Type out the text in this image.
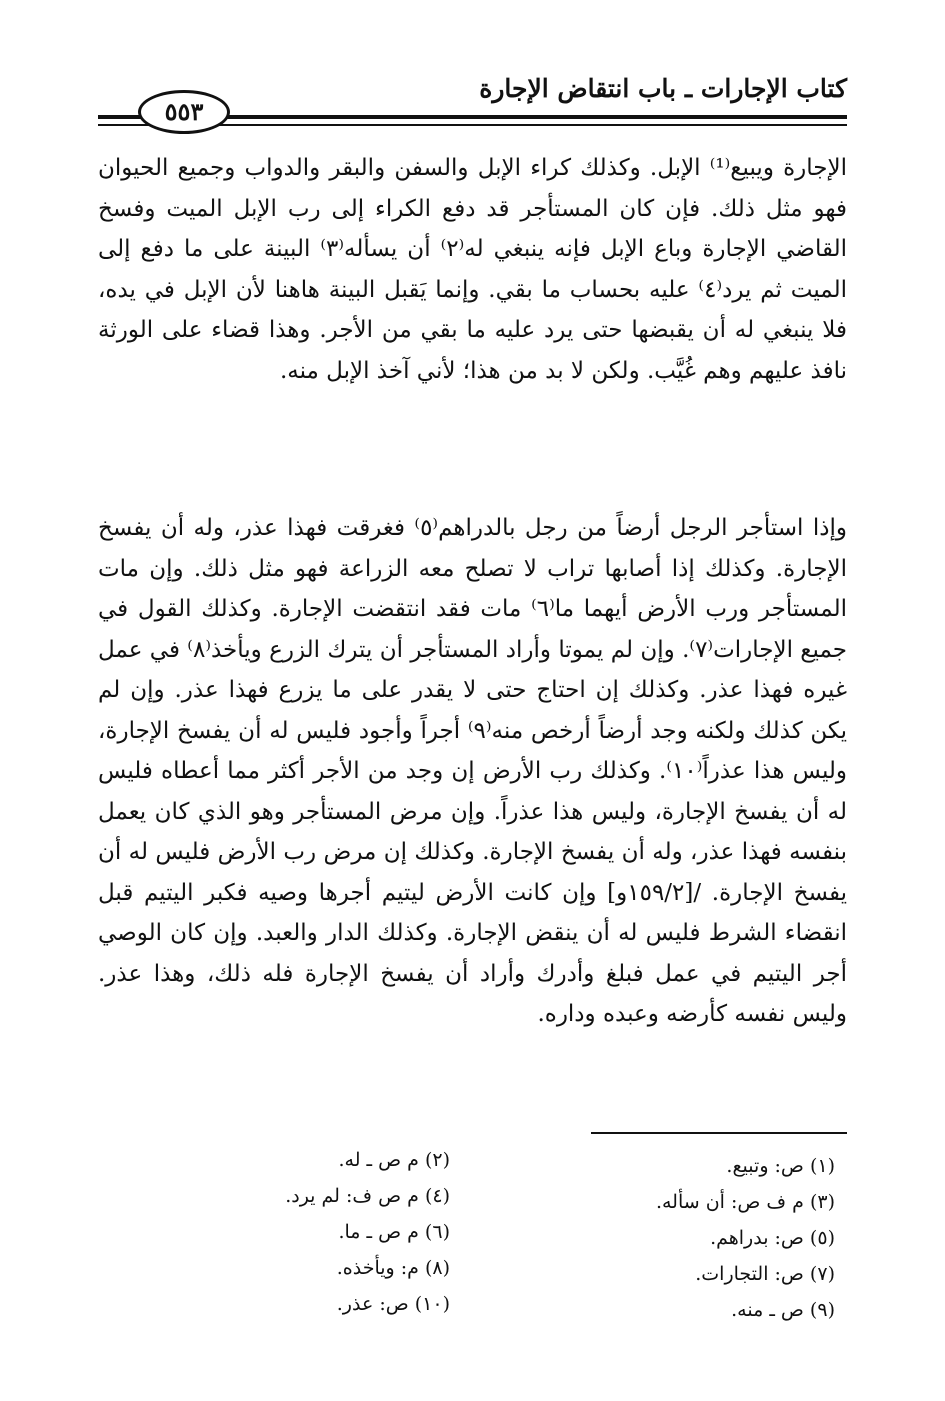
كتاب الإجارات ـ باب انتقاض الإجارة
٥٥٣

الإجارة ويبيع⁽¹⁾ الإبل. وكذلك كراء الإبل والسفن والبقر والدواب وجميع الحيوان فهو مثل ذلك. فإن كان المستأجر قد دفع الكراء إلى رب الإبل الميت وفسخ القاضي الإجارة وباع الإبل فإنه ينبغي له⁽٢⁾ أن يسأله⁽٣⁾ البينة على ما دفع إلى الميت ثم يرد⁽٤⁾ عليه بحساب ما بقي. وإنما يَقبل البينة هاهنا لأن الإبل في يده، فلا ينبغي له أن يقبضها حتى يرد عليه ما بقي من الأجر. وهذا قضاء على الورثة نافذ عليهم وهم غُيَّب. ولكن لا بد من هذا؛ لأني آخذ الإبل منه.

وإذا استأجر الرجل أرضاً من رجل بالدراهم⁽٥⁾ فغرقت فهذا عذر، وله أن يفسخ الإجارة. وكذلك إذا أصابها تراب لا تصلح معه الزراعة فهو مثل ذلك. وإن مات المستأجر ورب الأرض أيهما ما⁽٦⁾ مات فقد انتقضت الإجارة. وكذلك القول في جميع الإجارات⁽٧⁾. وإن لم يموتا وأراد المستأجر أن يترك الزرع ويأخذ⁽٨⁾ في عمل غيره فهذا عذر. وكذلك إن احتاج حتى لا يقدر على ما يزرع فهذا عذر. وإن لم يكن كذلك ولكنه وجد أرضاً أرخص منه⁽٩⁾ أجراً وأجود فليس له أن يفسخ الإجارة، وليس هذا عذراً⁽١٠⁾. وكذلك رب الأرض إن وجد من الأجر أكثر مما أعطاه فليس له أن يفسخ الإجارة، وليس هذا عذراً. وإن مرض المستأجر وهو الذي كان يعمل بنفسه فهذا عذر، وله أن يفسخ الإجارة. وكذلك إن مرض رب الأرض فليس له أن يفسخ الإجارة. /[١٥٩/٢و] وإن كانت الأرض ليتيم أجرها وصيه فكبر اليتيم قبل انقضاء الشرط فليس له أن ينقض الإجارة. وكذلك الدار والعبد. وإن كان الوصي أجر اليتيم في عمل فبلغ وأدرك وأراد أن يفسخ الإجارة فله ذلك، وهذا عذر. وليس نفسه كأرضه وعبده وداره.

(١) ص: وتبيع.
(٣) م ف ص: أن سأله.
(٥) ص: بدراهم.
(٧) ص: التجارات.
(٩) ص ـ منه.
(٢) م ص ـ له.
(٤) م ص ف: لم يرد.
(٦) م ص ـ ما.
(٨) م: ويأخذه.
(١٠) ص: عذر.
